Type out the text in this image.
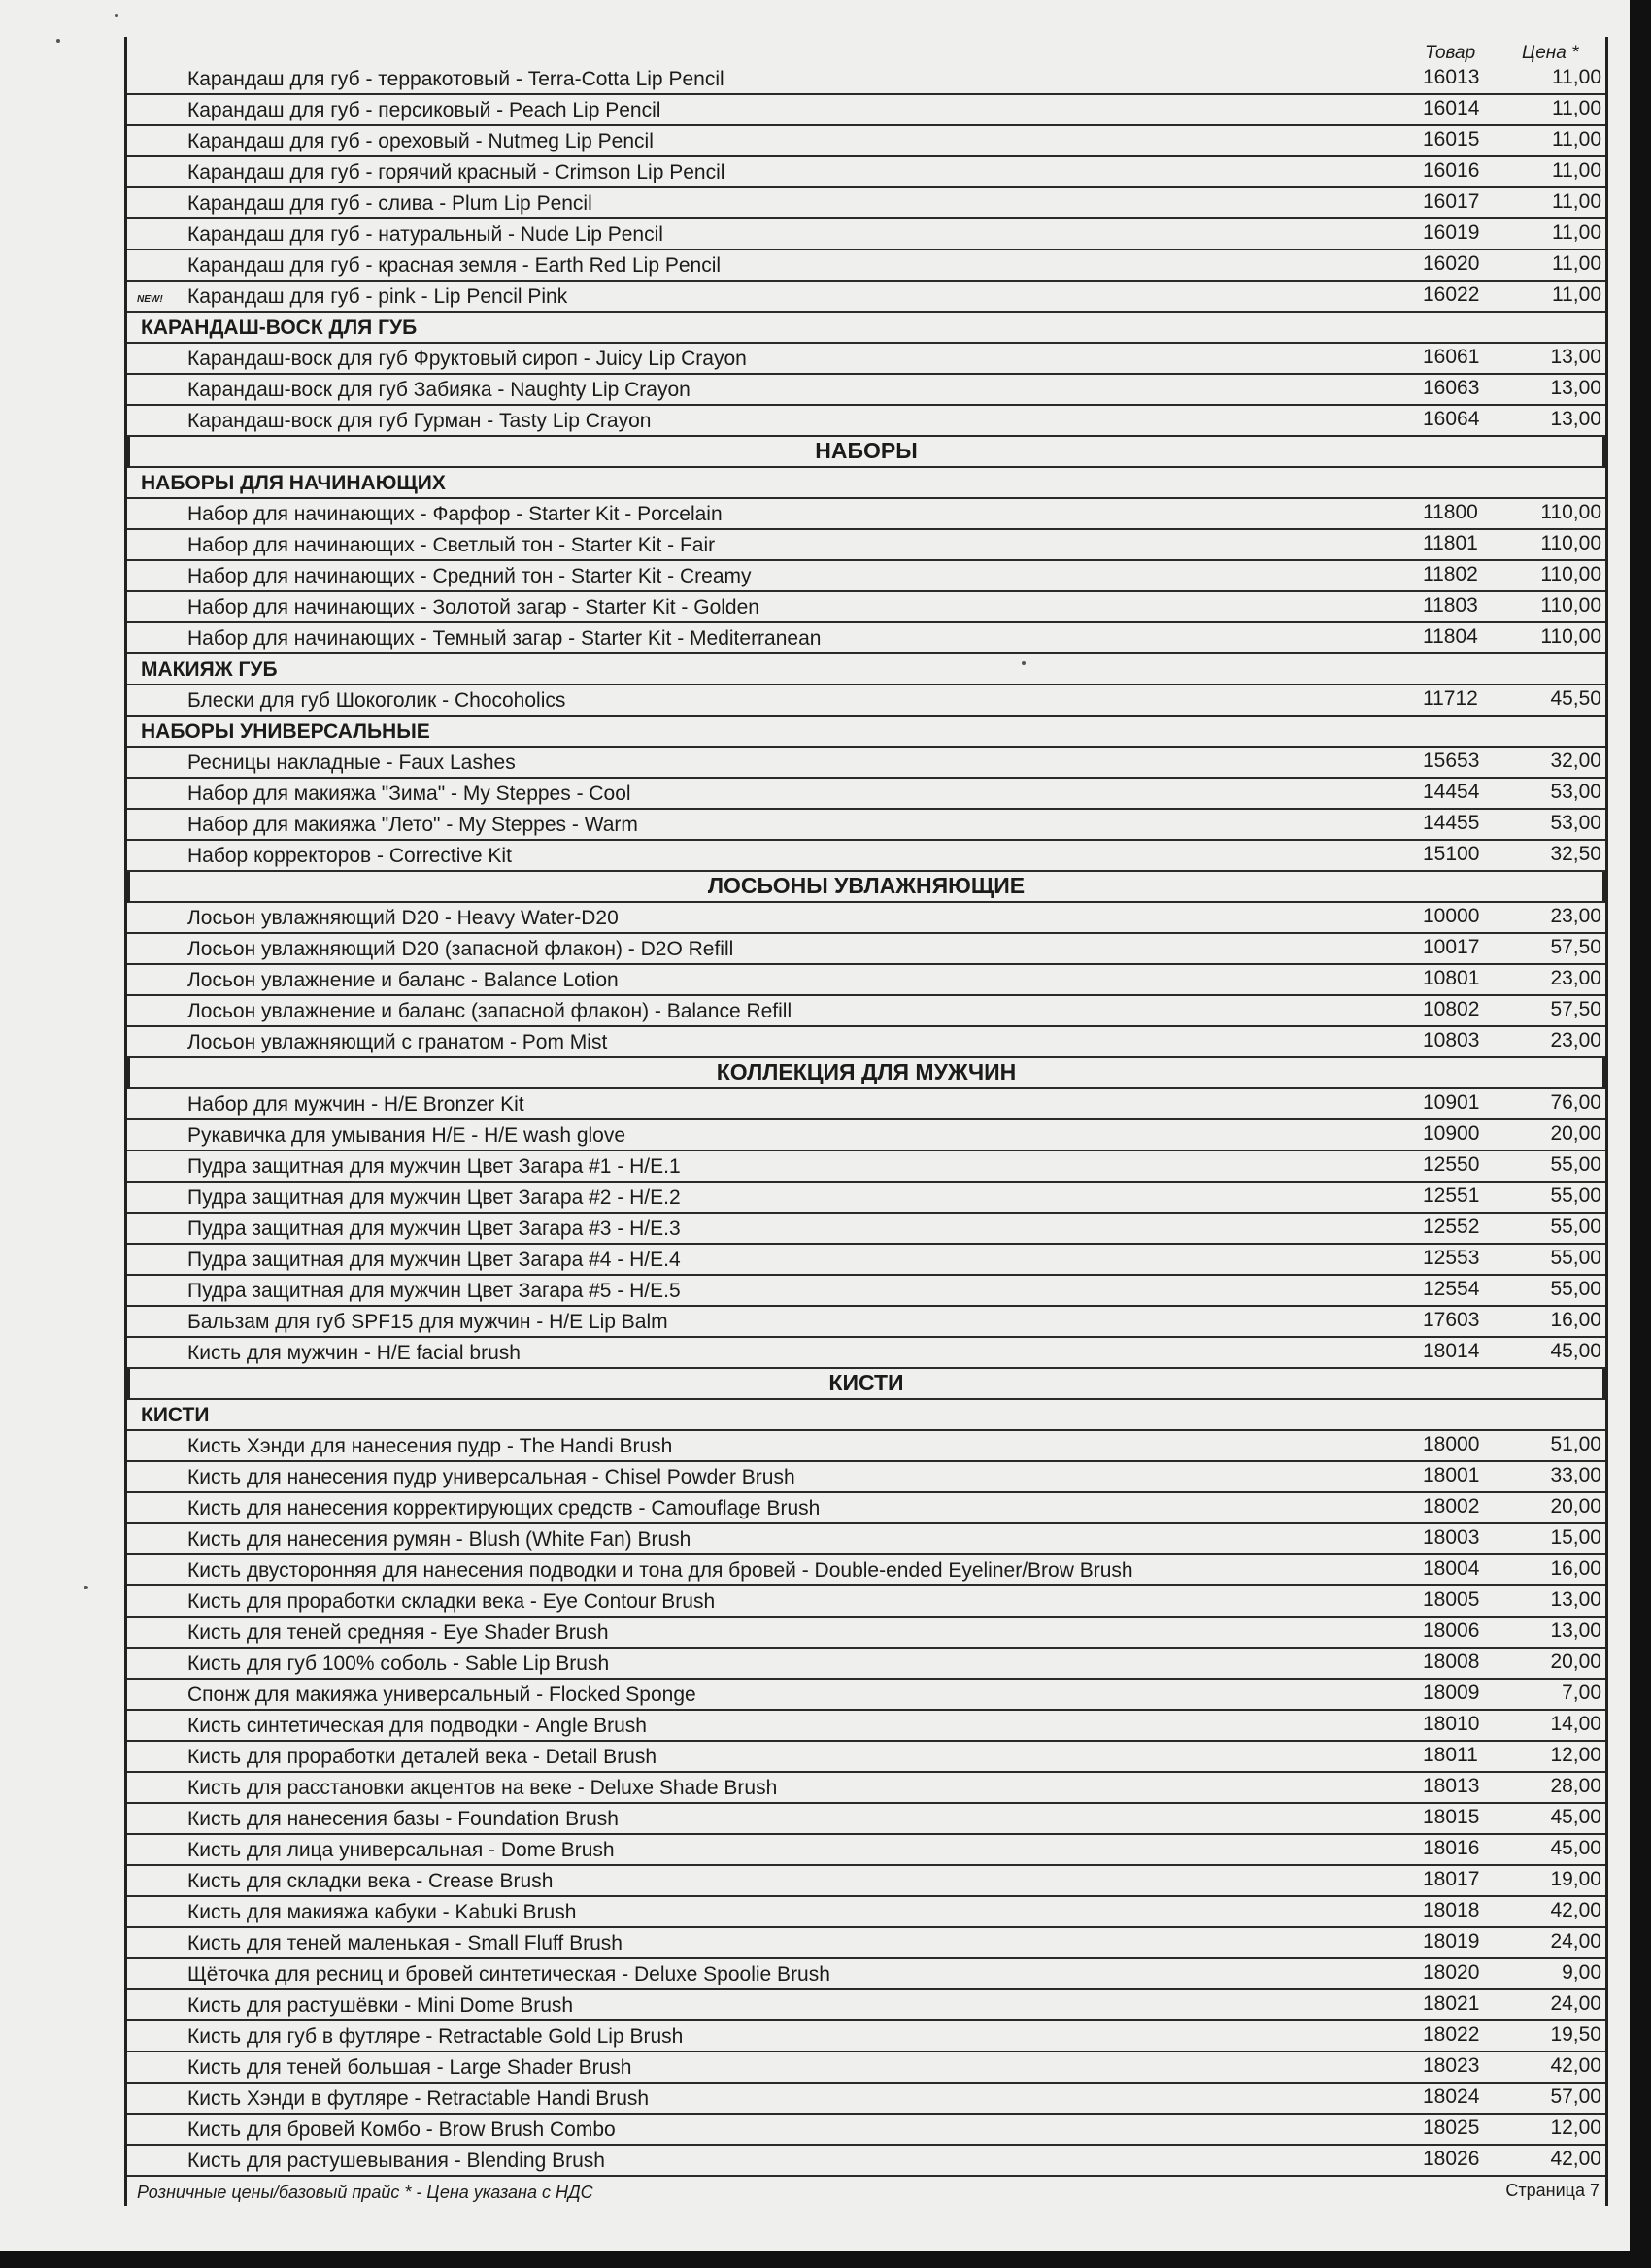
Товар	Цена *
Карандаш для губ - терракотовый - Terra-Cotta Lip Pencil	16013	11,00
Карандаш для губ - персиковый - Peach Lip Pencil	16014	11,00
Карандаш для губ - ореховый - Nutmeg Lip Pencil	16015	11,00
Карандаш для губ - горячий красный - Crimson Lip Pencil	16016	11,00
Карандаш для губ - слива - Plum Lip Pencil	16017	11,00
Карандаш для губ - натуральный - Nude Lip Pencil	16019	11,00
Карандаш для губ - красная земля - Earth Red Lip Pencil	16020	11,00
NEW! Карандаш для губ - pink - Lip Pencil Pink	16022	11,00
КАРАНДАШ-ВОСК ДЛЯ ГУБ
Карандаш-воск для губ Фруктовый сироп - Juicy Lip Crayon	16061	13,00
Карандаш-воск для губ Забияка - Naughty Lip Crayon	16063	13,00
Карандаш-воск для губ Гурман - Tasty Lip Crayon	16064	13,00
НАБОРЫ
НАБОРЫ ДЛЯ НАЧИНАЮЩИХ
Набор для начинающих - Фарфор - Starter Kit - Porcelain	11800	110,00
Набор для начинающих - Светлый тон - Starter Kit - Fair	11801	110,00
Набор для начинающих - Средний тон - Starter Kit - Creamy	11802	110,00
Набор для начинающих - Золотой загар - Starter Kit - Golden	11803	110,00
Набор для начинающих - Темный загар - Starter Kit - Mediterranean	11804	110,00
МАКИЯЖ ГУБ
Блески для губ Шокоголик - Chocoholics	11712	45,50
НАБОРЫ УНИВЕРСАЛЬНЫЕ
Ресницы накладные - Faux Lashes	15653	32,00
Набор для макияжа "Зима" - My Steppes - Cool	14454	53,00
Набор для макияжа "Лето" - My Steppes - Warm	14455	53,00
Набор корректоров - Corrective Kit	15100	32,50
ЛОСЬОНЫ УВЛАЖНЯЮЩИЕ
Лосьон увлажняющий D20 - Heavy Water-D20	10000	23,00
Лосьон увлажняющий D20 (запасной флакон) - D2O Refill	10017	57,50
Лосьон увлажнение и баланс - Balance Lotion	10801	23,00
Лосьон увлажнение и баланс (запасной флакон) - Balance Refill	10802	57,50
Лосьон увлажняющий с гранатом - Pom Mist	10803	23,00
КОЛЛЕКЦИЯ ДЛЯ МУЖЧИН
Набор для мужчин - H/E Bronzer Kit	10901	76,00
Рукавичка для умывания H/E - H/E wash glove	10900	20,00
Пудра защитная для мужчин Цвет Загара #1 - H/E.1	12550	55,00
Пудра защитная для мужчин Цвет Загара #2 - H/E.2	12551	55,00
Пудра защитная для мужчин Цвет Загара #3 - H/E.3	12552	55,00
Пудра защитная для мужчин Цвет Загара #4 - H/E.4	12553	55,00
Пудра защитная для мужчин Цвет Загара #5 - H/E.5	12554	55,00
Бальзам для губ SPF15 для мужчин - H/E Lip Balm	17603	16,00
Кисть для мужчин - H/E facial brush	18014	45,00
КИСТИ
КИСТИ
Кисть Хэнди для нанесения пудр - The Handi Brush	18000	51,00
Кисть для нанесения пудр универсальная - Chisel Powder Brush	18001	33,00
Кисть для нанесения корректирующих средств - Camouflage Brush	18002	20,00
Кисть для нанесения румян - Blush (White Fan) Brush	18003	15,00
Кисть двусторонняя для нанесения подводки и тона для бровей - Double-ended Eyeliner/Brow Brush	18004	16,00
Кисть для проработки складки века - Eye Contour Brush	18005	13,00
Кисть для теней средняя - Eye Shader Brush	18006	13,00
Кисть для губ 100% соболь - Sable Lip Brush	18008	20,00
Спонж для макияжа универсальный - Flocked Sponge	18009	7,00
Кисть синтетическая для подводки - Angle Brush	18010	14,00
Кисть для проработки деталей века - Detail Brush	18011	12,00
Кисть для расстановки акцентов на веке - Deluxe Shade Brush	18013	28,00
Кисть для нанесения базы - Foundation Brush	18015	45,00
Кисть для лица универсальная - Dome Brush	18016	45,00
Кисть для складки века - Crease Brush	18017	19,00
Кисть для макияжа кабуки - Kabuki Brush	18018	42,00
Кисть для теней маленькая - Small Fluff Brush	18019	24,00
Щёточка для ресниц и бровей синтетическая - Deluxe Spoolie Brush	18020	9,00
Кисть для растушёвки - Mini Dome Brush	18021	24,00
Кисть для губ в футляре - Retractable Gold Lip Brush	18022	19,50
Кисть для теней большая - Large Shader Brush	18023	42,00
Кисть Хэнди в футляре - Retractable Handi Brush	18024	57,00
Кисть для бровей Комбо - Brow Brush Combo	18025	12,00
Кисть для растушевывания - Blending Brush	18026	42,00
Розничные цены/базовый прайс * - Цена указана с НДС	Страница 7
